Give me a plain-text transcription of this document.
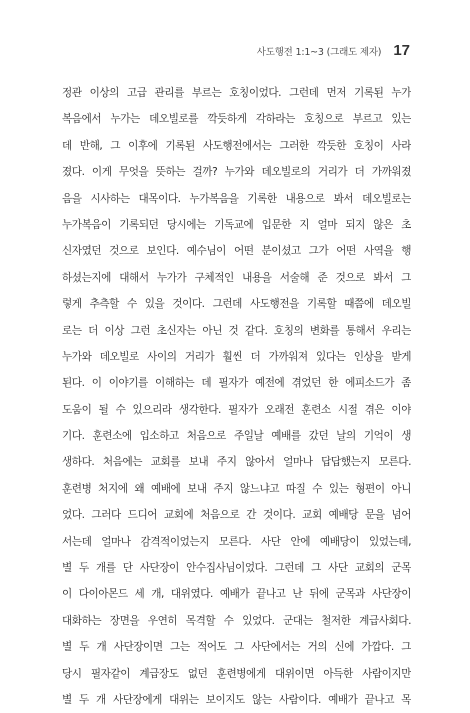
사도행전 1:1~3 (그래도 제자) 17
정관 이상의 고급 관리를 부르는 호칭이었다. 그런데 먼저 기록된 누가
복음에서 누가는 데오빌로를 깍듯하게 각하라는 호칭으로 부르고 있는
데 반해, 그 이후에 기록된 사도행전에서는 그러한 깍듯한 호칭이 사라
졌다. 이게 무엇을 뜻하는 걸까? 누가와 데오빌로의 거리가 더 가까워졌
음을 시사하는 대목이다. 누가복음을 기록한 내용으로 봐서 데오빌로는
누가복음이 기록되던 당시에는 기독교에 입문한 지 얼마 되지 않은 초
신자였던 것으로 보인다. 예수님이 어떤 분이셨고 그가 어떤 사역을 행
하셨는지에 대해서 누가가 구체적인 내용을 서술해 준 것으로 봐서 그
렇게 추측할 수 있을 것이다. 그런데 사도행전을 기록할 때쯤에 데오빌
로는 더 이상 그런 초신자는 아닌 것 같다. 호칭의 변화를 통해서 우리는
누가와 데오빌로 사이의 거리가 훨씬 더 가까워져 있다는 인상을 받게
된다. 이 이야기를 이해하는 데 필자가 예전에 겪었던 한 에피소드가 좀
도움이 될 수 있으리라 생각한다. 필자가 오래전 훈련소 시절 겪은 이야
기다. 훈련소에 입소하고 처음으로 주일날 예배를 갔던 날의 기억이 생
생하다. 처음에는 교회를 보내 주지 않아서 얼마나 답답했는지 모른다.
훈련병 처지에 왜 예배에 보내 주지 않느냐고 따질 수 있는 형편이 아니
었다. 그러다 드디어 교회에 처음으로 간 것이다. 교회 예배당 문을 넘어
서는데 얼마나 감격적이었는지 모른다. 사단 안에 예배당이 있었는데,
별 두 개를 단 사단장이 안수집사님이었다. 그런데 그 사단 교회의 군목
이 다이아몬드 세 개, 대위였다. 예배가 끝나고 난 뒤에 군목과 사단장이
대화하는 장면을 우연히 목격할 수 있었다. 군대는 철저한 계급사회다.
별 두 개 사단장이면 그는 적어도 그 사단에서는 거의 신에 가깝다. 그
당시 필자같이 계급장도 없던 훈련병에게 대위이면 아득한 사람이지만
별 두 개 사단장에게 대위는 보이지도 않는 사람이다. 예배가 끝나고 목
